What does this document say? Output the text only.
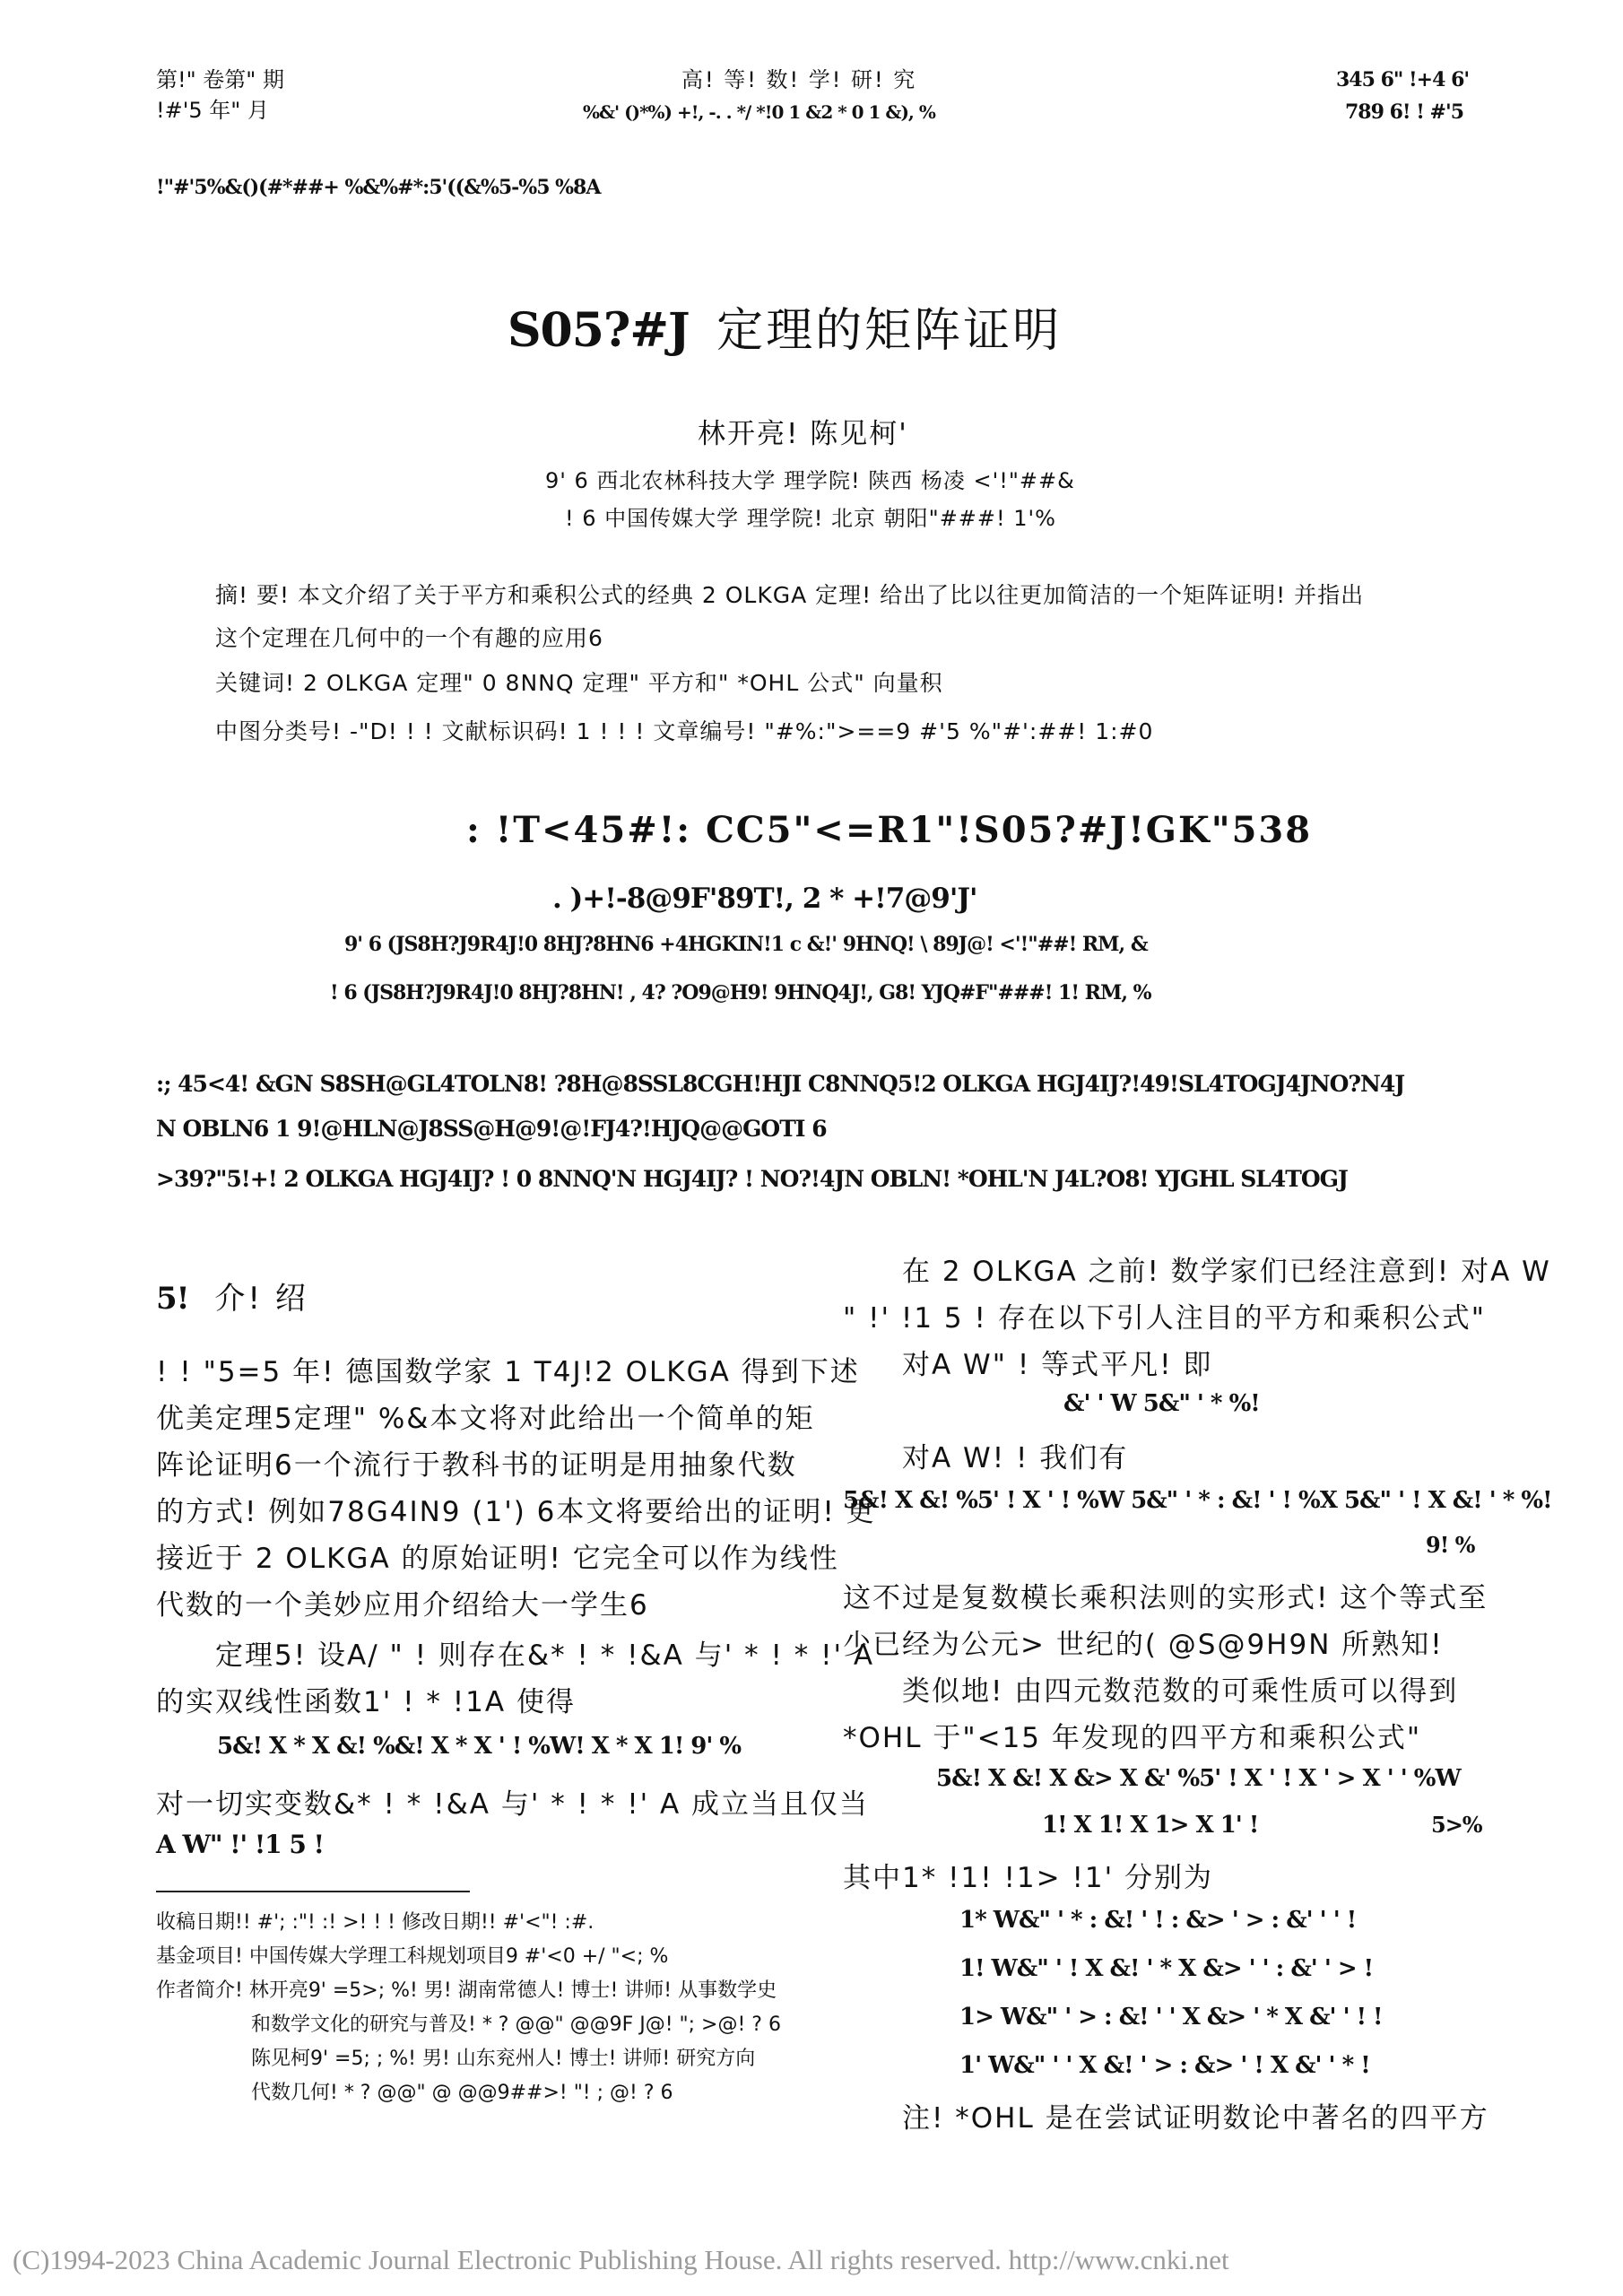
第!" 卷第" 期
!#'5 年" 月
高! 等! 数! 学! 研! 究
%&' ()*%) +!, -. . */ *!0 1 &2 * 0 1 &), %
345 6" !+4 6'
789 6! ! #'5
!"#'5%&()(#*##+ %&%#*:5'((&%5-%5 %8A
S05?#J 定理的矩阵证明
林开亮! 陈见柯'
9' 6 西北农林科技大学 理学院! 陕西 杨凌 <'!"##&
! 6 中国传媒大学 理学院! 北京 朝阳"###! 1'%
摘! 要! 本文介绍了关于平方和乘积公式的经典 2 OLKGA 定理! 给出了比以往更加简洁的一个矩阵证明! 并指出
这个定理在几何中的一个有趣的应用6
关键词! 2 OLKGA 定理" 0 8NNQ 定理" 平方和" *OHL 公式" 向量积
中图分类号! -"D! ! ! 文献标识码! 1 ! ! ! 文章编号! "#%:">==9 #'5 %"#':##! 1:#0
: !T<45#!: CC5"<=R1"!S05?#J!GK"538
. )+!-8@9F'89T!, 2 * +!7@9'J'
9' 6 (JS8H?J9R4J!0 8HJ?8HN6 +4HGKIN!1 c &!' 9HNQ! \ 89J@! <'!"##! RM, &
! 6 (JS8H?J9R4J!0 8HJ?8HN! , 4? ?O9@H9! 9HNQ4J!, G8! YJQ#F"###! 1! RM, %
:; 45<4! &GN S8SH@GL4TOLN8! ?8H@8SSL8CGH!HJI C8NNQ5!2 OLKGA HGJ4IJ?!49!SL4TOGJ4JNO?N4J
N OBLN6 1 9!@HLN@J8SS@H@9!@!FJ4?!HJQ@@GOTI 6
>39?"5!+! 2 OLKGA HGJ4IJ? ! 0 8NNQ'N HGJ4IJ? ! NO?!4JN OBLN! *OHL'N J4L?O8! YJGHL SL4TOGJ
5! 介! 绍
! ! "5=5 年! 德国数学家 1 T4J!2 OLKGA 得到下述
优美定理5定理" %&本文将对此给出一个简单的矩
阵论证明6一个流行于教科书的证明是用抽象代数
的方式! 例如78G4IN9 (1') 6本文将要给出的证明! 更
接近于 2 OLKGA 的原始证明! 它完全可以作为线性
代数的一个美妙应用介绍给大一学生6
定理5! 设A/ " ! 则存在&* ! * !&A 与' * ! * !' A
的实双线性函数1' ! * !1A 使得
5&! X * X &! %&! X * X ' ! %W! X * X 1! 9' %
对一切实变数&* ! * !&A 与' * ! * !' A 成立当且仅当
A W" !' !1 5 !
收稿日期!! #'; :"! :! >! ! ! 修改日期!! #'<"! :#.
基金项目! 中国传媒大学理工科规划项目9 #'<0 +/ "<; %
作者简介! 林开亮9' =5>; %! 男! 湖南常德人! 博士! 讲师! 从事数学史
和数学文化的研究与普及! * ? @@" @@9F J@! "; >@! ? 6
陈见柯9' =5; ; %! 男! 山东兖州人! 博士! 讲师! 研究方向
代数几何! * ? @@" @ @@9##>! "! ; @! ? 6
在 2 OLKGA 之前! 数学家们已经注意到! 对A W
" !' !1 5 ! 存在以下引人注目的平方和乘积公式"
对A W" ! 等式平凡! 即
&' ' W 5&" ' * %!
对A W! ! 我们有
5&! X &! %5' ! X ' ! %W 5&" ' * : &! ' ! %X 5&" ' ! X &! ' * %!
9! %
这不过是复数模长乘积法则的实形式! 这个等式至
少已经为公元> 世纪的( @S@9H9N 所熟知!
类似地! 由四元数范数的可乘性质可以得到
*OHL 于"<15 年发现的四平方和乘积公式"
5&! X &! X &> X &' %5' ! X ' ! X ' > X ' ' %W
1! X 1! X 1> X 1' !	5>%
其中1* !1! !1> !1' 分别为
1* W&" ' * : &! ' ! : &> ' > : &' ' ' !
1! W&" ' ! X &! ' * X &> ' ' : &' ' > !
1> W&" ' > : &! ' ' X &> ' * X &' ' ! !
1' W&" ' ' X &! ' > : &> ' ! X &' ' * !
注! *OHL 是在尝试证明数论中著名的四平方
(C)1994-2023 China Academic Journal Electronic Publishing House. All rights reserved. http://www.cnki.net
